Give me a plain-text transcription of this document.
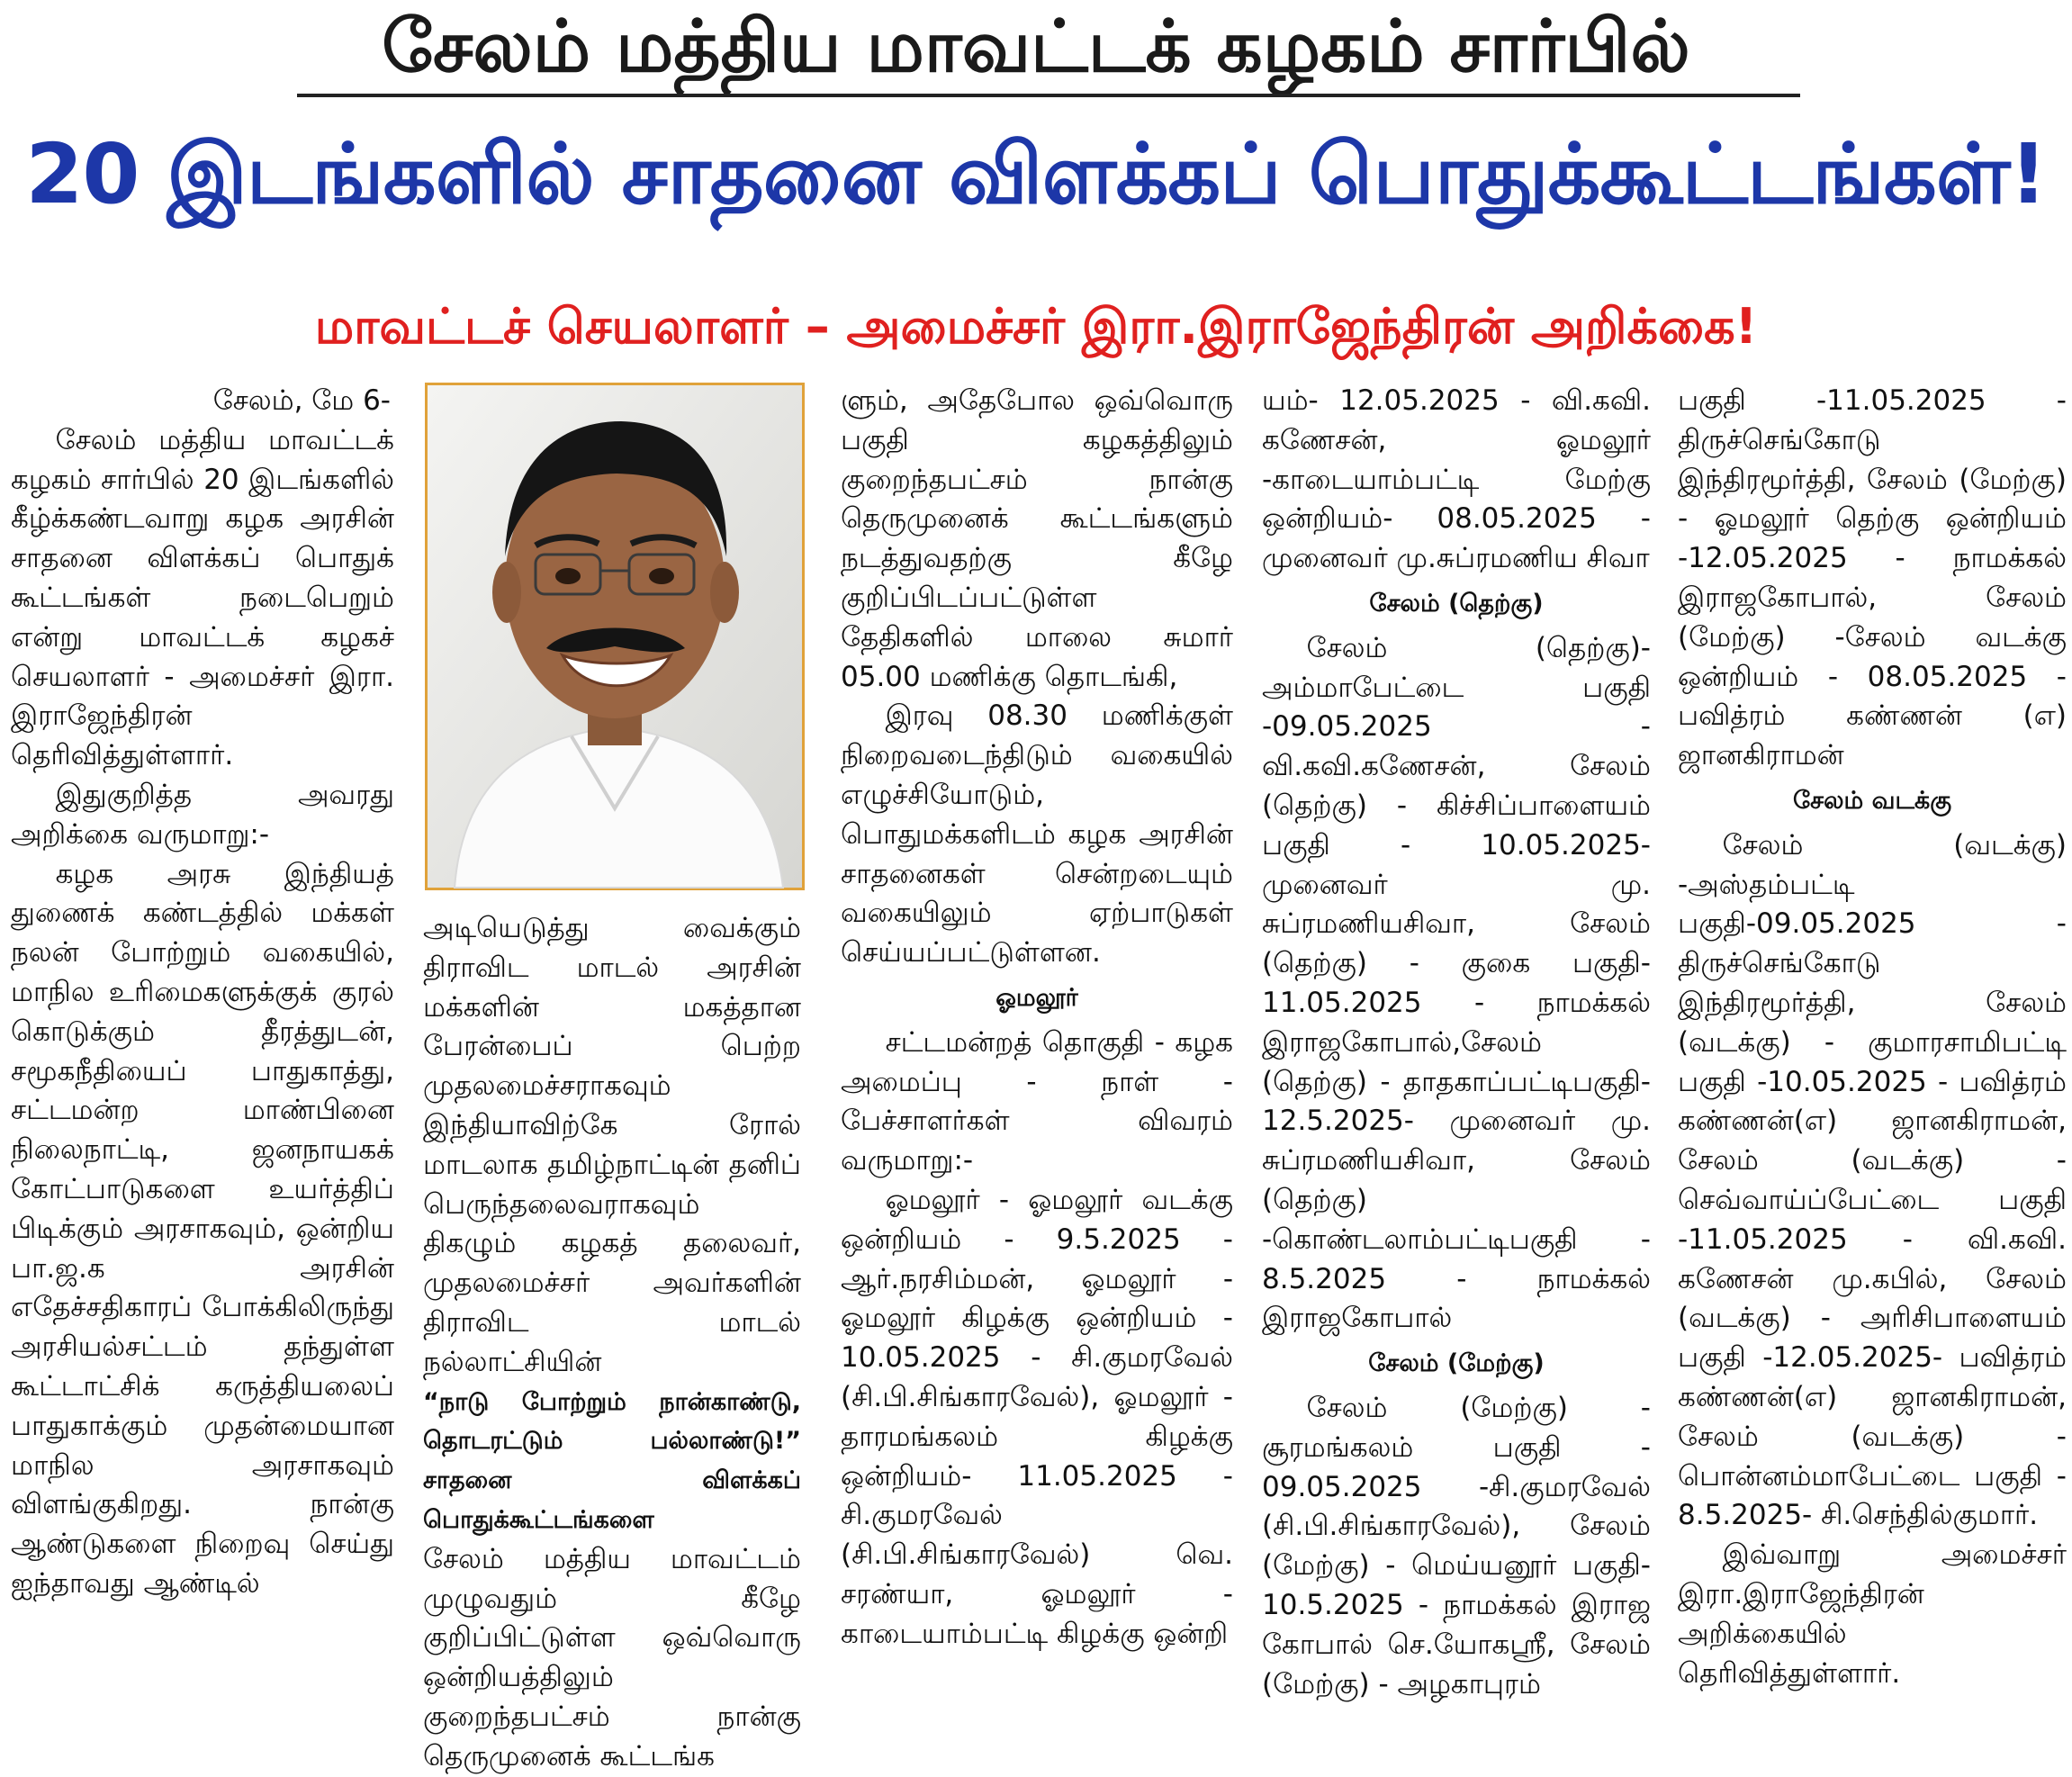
சேலம் மத்திய மாவட்டக் கழகம் சார்பில்
20 இடங்களில் சாதனை விளக்கப் பொதுக்கூட்டங்கள்!
மாவட்டச் செயலாளர் – அமைச்சர் இரா.இராஜேந்திரன் அறிக்கை!

சேலம், மே 6-

சேலம் மத்திய மாவட்டக் கழகம் சார்பில் 20 இடங்களில் கீழ்க்கண்டவாறு கழக அரசின் சாதனை விளக்கப் பொதுக் கூட்டங்கள் நடைபெறும் என்று மாவட்டக் கழகச் செயலாளர் - அமைச்சர் இரா. இராஜேந்திரன் தெரிவித்துள்ளார்.

இதுகுறித்த அவரது அறிக்கை வருமாறு:-

கழக அரசு இந்தியத் துணைக் கண்டத்தில் மக்கள் நலன் போற்றும் வகையில், மாநில உரிமைகளுக்குக் குரல் கொடுக்கும் தீரத்துடன், சமூகநீதியைப் பாதுகாத்து, சட்டமன்ற மாண்பினை நிலைநாட்டி, ஜனநாயகக் கோட்பாடுகளை உயர்த்திப் பிடிக்கும் அரசாகவும், ஒன்றிய பா.ஜ.க அரசின் எதேச்சதிகாரப் போக்கிலிருந்து அரசியல்சட்டம் தந்துள்ள கூட்டாட்சிக் கருத்தியலைப் பாதுகாக்கும் முதன்மையான மாநில அரசாகவும் விளங்குகிறது. நான்கு ஆண்டுகளை நிறைவு செய்து ஐந்தாவது ஆண்டில்

அடியெடுத்து வைக்கும் திராவிட மாடல் அரசின் மக்களின் மகத்தான பேரன்பைப் பெற்ற முதலமைச்சராகவும் இந்தியாவிற்கே ரோல் மாடலாக தமிழ்நாட்டின் தனிப் பெருந்தலைவராகவும் திகழும் கழகத் தலைவர், முதலமைச்சர் அவர்களின் திராவிட மாடல் நல்லாட்சியின்

“நாடு போற்றும் நான்காண்டு, தொடரட்டும் பல்லாண்டு!” சாதனை விளக்கப் பொதுக்கூட்டங்களை

சேலம் மத்திய மாவட்டம் முழுவதும் கீழே குறிப்பிட்டுள்ள ஒவ்வொரு ஒன்றியத்திலும் குறைந்தபட்சம் நான்கு தெருமுனைக் கூட்டங்க

ளும், அதேபோல ஒவ்வொரு பகுதி கழகத்திலும் குறைந்தபட்சம் நான்கு தெருமுனைக் கூட்டங்களும் நடத்துவதற்கு கீழே குறிப்பிடப்பட்டுள்ள தேதிகளில் மாலை சுமார் 05.00 மணிக்கு தொடங்கி,

இரவு 08.30 மணிக்குள் நிறைவடைந்திடும் வகையில் எழுச்சியோடும், பொதுமக்களிடம் கழக அரசின் சாதனைகள் சென்றடையும் வகையிலும் ஏற்பாடுகள் செய்யப்பட்டுள்ளன.

ஓமலூர்

சட்டமன்றத் தொகுதி - கழக அமைப்பு - நாள் - பேச்சாளர்கள் விவரம் வருமாறு:-

ஓமலூர் - ஓமலூர் வடக்கு ஒன்றியம் - 9.5.2025 - ஆர்.நரசிம்மன், ஓமலூர் - ஓமலூர் கிழக்கு ஒன்றியம் - 10.05.2025 - சி.குமரவேல் (சி.பி.சிங்காரவேல்), ஓமலூர் - தாரமங்கலம் கிழக்கு ஒன்றியம்- 11.05.2025 - சி.குமரவேல் (சி.பி.சிங்காரவேல்) வெ. சரண்யா, ஓமலூர் - காடையாம்பட்டி கிழக்கு ஒன்றி

யம்- 12.05.2025 - வி.கவி. கணேசன், ஓமலூர் -காடையாம்பட்டி மேற்கு ஒன்றியம்- 08.05.2025 - முனைவர் மு.சுப்ரமணிய சிவா

சேலம் (தெற்கு)

சேலம் (தெற்கு)- அம்மாபேட்டை பகுதி -09.05.2025 - வி.கவி.கணேசன், சேலம் (தெற்கு) - கிச்சிப்பாளையம் பகுதி - 10.05.2025- முனைவர் மு. சுப்ரமணியசிவா, சேலம் (தெற்கு) - குகை பகுதி- 11.05.2025 - நாமக்கல் இராஜகோபால்,சேலம் (தெற்கு) - தாதகாப்பட்டிபகுதி- 12.5.2025- முனைவர் மு. சுப்ரமணியசிவா, சேலம் (தெற்கு) -கொண்டலாம்பட்டிபகுதி - 8.5.2025 - நாமக்கல் இராஜகோபால்

சேலம் (மேற்கு)

சேலம் (மேற்கு) - சூரமங்கலம் பகுதி - 09.05.2025 -சி.குமரவேல் (சி.பி.சிங்காரவேல்), சேலம் (மேற்கு) - மெய்யனூர் பகுதி- 10.5.2025 - நாமக்கல் இராஜ கோபால் செ.யோகஸ்ரீ, சேலம் (மேற்கு) - அழகாபுரம்

பகுதி -11.05.2025 - திருச்செங்கோடு இந்திரமூர்த்தி, சேலம் (மேற்கு) - ஓமலூர் தெற்கு ஒன்றியம் -12.05.2025 - நாமக்கல் இராஜகோபால், சேலம் (மேற்கு) -சேலம் வடக்கு ஒன்றியம் - 08.05.2025 - பவித்ரம் கண்ணன் (எ) ஜானகிராமன்

சேலம் வடக்கு

சேலம் (வடக்கு) -அஸ்தம்பட்டி பகுதி-09.05.2025 - திருச்செங்கோடு இந்திரமூர்த்தி, சேலம் (வடக்கு) - குமாரசாமிபட்டி பகுதி -10.05.2025 - பவித்ரம் கண்ணன்(எ) ஜானகிராமன், சேலம் (வடக்கு) - செவ்வாய்ப்பேட்டை பகுதி -11.05.2025 - வி.கவி. கணேசன் மு.கபில், சேலம் (வடக்கு) - அரிசிபாளையம் பகுதி -12.05.2025- பவித்ரம் கண்ணன்(எ) ஜானகிராமன், சேலம் (வடக்கு) - பொன்னம்மாபேட்டை பகுதி - 8.5.2025- சி.செந்தில்குமார்.

இவ்வாறு அமைச்சர் இரா.இராஜேந்திரன் அறிக்கையில் தெரிவித்துள்ளார்.
